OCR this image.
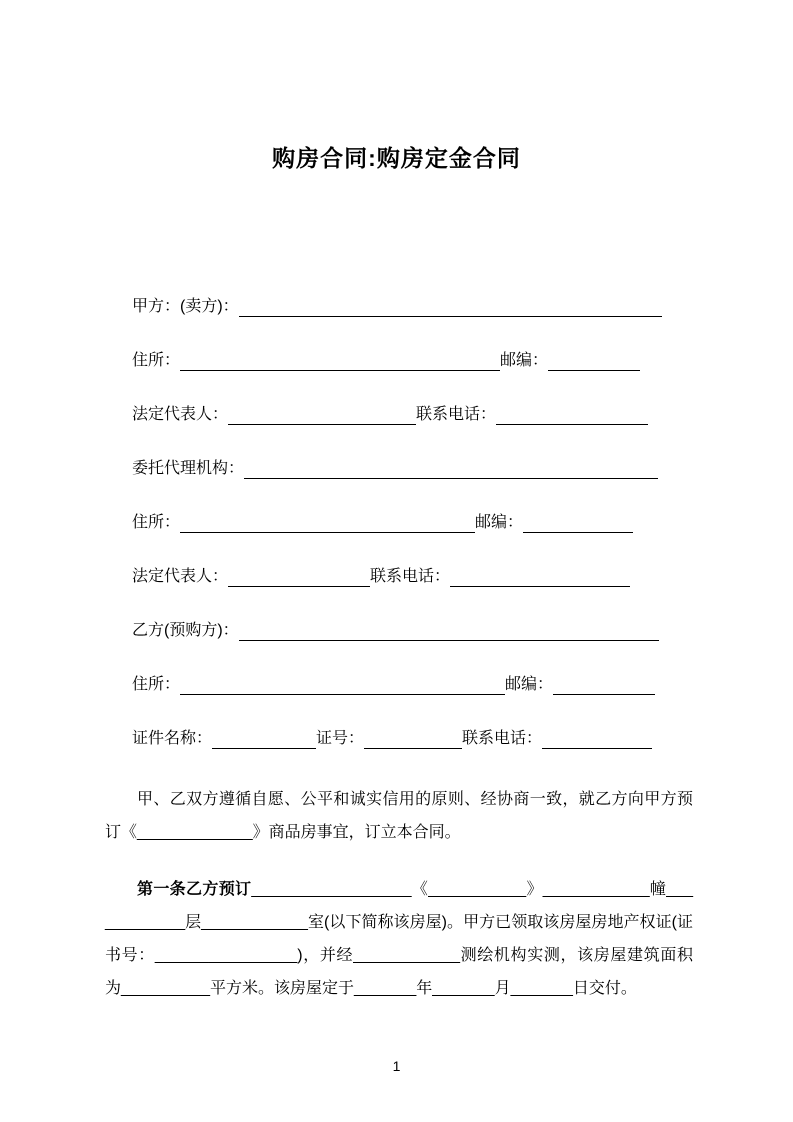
购房合同:购房定金合同
甲方：(卖方)：
住所：	邮编：
法定代表人：	联系电话：
委托代理机构：
住所：	邮编：
法定代表人：	联系电话：
乙方(预购方)：
住所：	邮编：
证件名称：	证号：	联系电话：

甲、乙双方遵循自愿、公平和诚实信用的原则、经协商一致，就乙方向甲方预订《_____________》商品房事宜，订立本合同。

第一条乙方预订__________________《___________》____________幢____________层____________室(以下简称该房屋)。甲方已领取该房屋房地产权证(证书号：________________)，并经____________测绘机构实测，该房屋建筑面积为__________平方米。该房屋定于_______年_______月_______日交付。

1
